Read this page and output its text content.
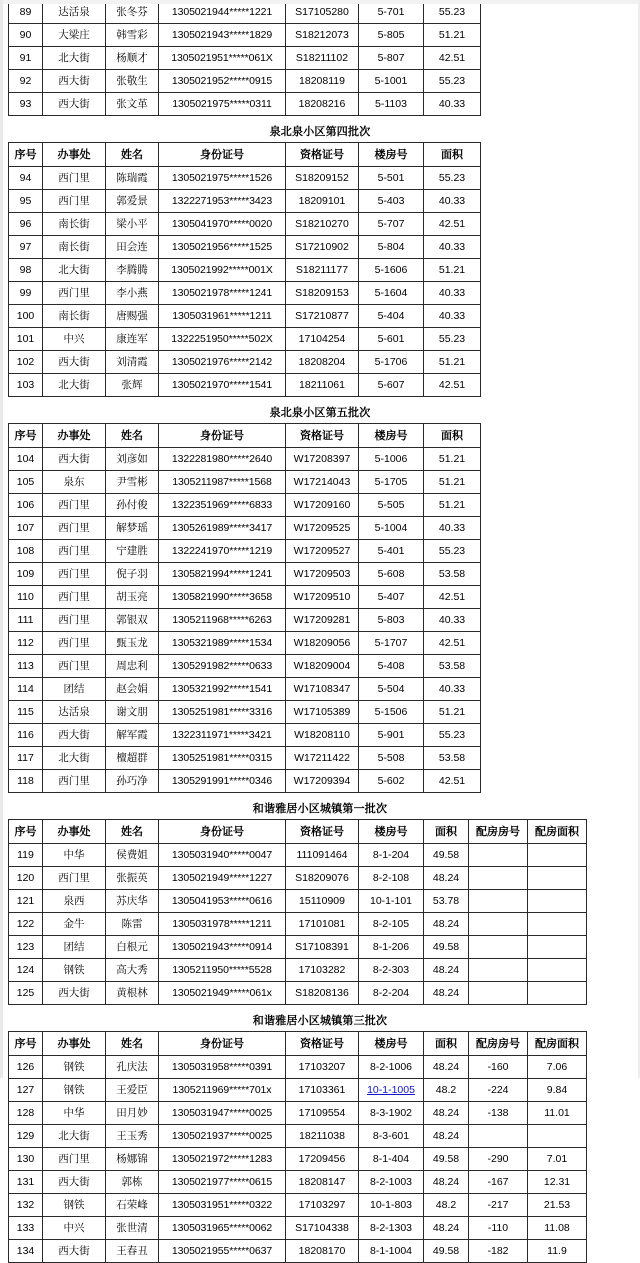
89	达活泉	张冬芬	1305021944*****1221	S17105280	5-701	55.23
90	大梁庄	韩雪彩	1305021943*****1829	S18212073	5-805	51.21
91	北大街	杨顺才	1305021951*****061X	S18211102	5-807	42.51
92	西大街	张敬生	1305021952*****0915	18208119	5-1001	55.23
93	西大街	张文革	1305021975*****0311	18208216	5-1103	40.33
泉北泉小区第四批次
序号	办事处	姓名	身份证号	资格证号	楼房号	面积
94	西门里	陈瑞霞	1305021975*****1526	S18209152	5-501	55.23
95	西门里	郭爱景	1322271953*****3423	18209101	5-403	40.33
96	南长街	梁小平	1305041970*****0020	S18210270	5-707	42.51
97	南长街	田会连	1305021956*****1525	S17210902	5-804	40.33
98	北大街	李腾腾	1305021992*****001X	S18211177	5-1606	51.21
99	西门里	李小燕	1305021978*****1241	S18209153	5-1604	40.33
100	南长街	唐赐强	1305031961*****1211	S17210877	5-404	40.33
101	中兴	康连军	1322251950*****502X	17104254	5-601	55.23
102	西大街	刘清霞	1305021976*****2142	18208204	5-1706	51.21
103	北大街	张辉	1305021970*****1541	18211061	5-607	42.51
泉北泉小区第五批次
序号	办事处	姓名	身份证号	资格证号	楼房号	面积
104	西大街	刘彦如	1322281980*****2640	W17208397	5-1006	51.21
105	泉东	尹雪彬	1305211987*****1568	W17214043	5-1705	51.21
106	西门里	孙付俊	1322351969*****6833	W17209160	5-505	51.21
107	西门里	解梦瑶	1305261989*****3417	W17209525	5-1004	40.33
108	西门里	宁建胜	1322241970*****1219	W17209527	5-401	55.23
109	西门里	倪子羽	1305821994*****1241	W17209503	5-608	53.58
110	西门里	胡玉亮	1305821990*****3658	W17209510	5-407	42.51
111	西门里	郭银双	1305211968*****6263	W17209281	5-803	40.33
112	西门里	甄玉龙	1305321989*****1534	W18209056	5-1707	42.51
113	西门里	周忠利	1305291982*****0633	W18209004	5-408	53.58
114	团结	赵会娟	1305321992*****1541	W17108347	5-504	40.33
115	达活泉	谢文朋	1305251981*****3316	W17105389	5-1506	51.21
116	西大街	解军霞	1322311971*****3421	W18208110	5-901	55.23
117	北大街	檀超群	1305251981*****0315	W17211422	5-508	53.58
118	西门里	孙巧净	1305291991*****0346	W17209394	5-602	42.51
和谐雅居小区城镇第一批次
序号	办事处	姓名	身份证号	资格证号	楼房号	面积	配房房号	配房面积
119	中华	侯费姐	1305031940*****0047	111091464	8-1-204	49.58		
120	西门里	张振英	1305021949*****1227	S18209076	8-2-108	48.24		
121	泉西	苏庆华	1305041953*****0616	15110909	10-1-101	53.78		
122	金牛	陈雷	1305031978*****1211	17101081	8-2-105	48.24		
123	团结	白根元	1305021943*****0914	S17108391	8-1-206	49.58		
124	钢铁	高大秀	1305211950*****5528	17103282	8-2-303	48.24		
125	西大街	黄根林	1305021949*****061x	S18208136	8-2-204	48.24		
和谐雅居小区城镇第三批次
序号	办事处	姓名	身份证号	资格证号	楼房号	面积	配房房号	配房面积
126	钢铁	孔庆法	1305031958*****0391	17103207	8-2-1006	48.24	-160	7.06
127	钢铁	王爱臣	1305211969*****701x	17103361	10-1-1005	48.2	-224	9.84
128	中华	田月妙	1305031947*****0025	17109554	8-3-1902	48.24	-138	11.01
129	北大街	王玉秀	1305021937*****0025	18211038	8-3-601	48.24		
130	西门里	杨娜锦	1305021972*****1283	17209456	8-1-404	49.58	-290	7.01
131	西大街	郭栋	1305021977*****0615	18208147	8-2-1003	48.24	-167	12.31
132	钢铁	石荣峰	1305031951*****0322	17103297	10-1-803	48.2	-217	21.53
133	中兴	张世清	1305031965*****0062	S17104338	8-2-1303	48.24	-110	11.08
134	西大街	王春丑	1305021955*****0637	18208170	8-1-1004	49.58	-182	11.9
